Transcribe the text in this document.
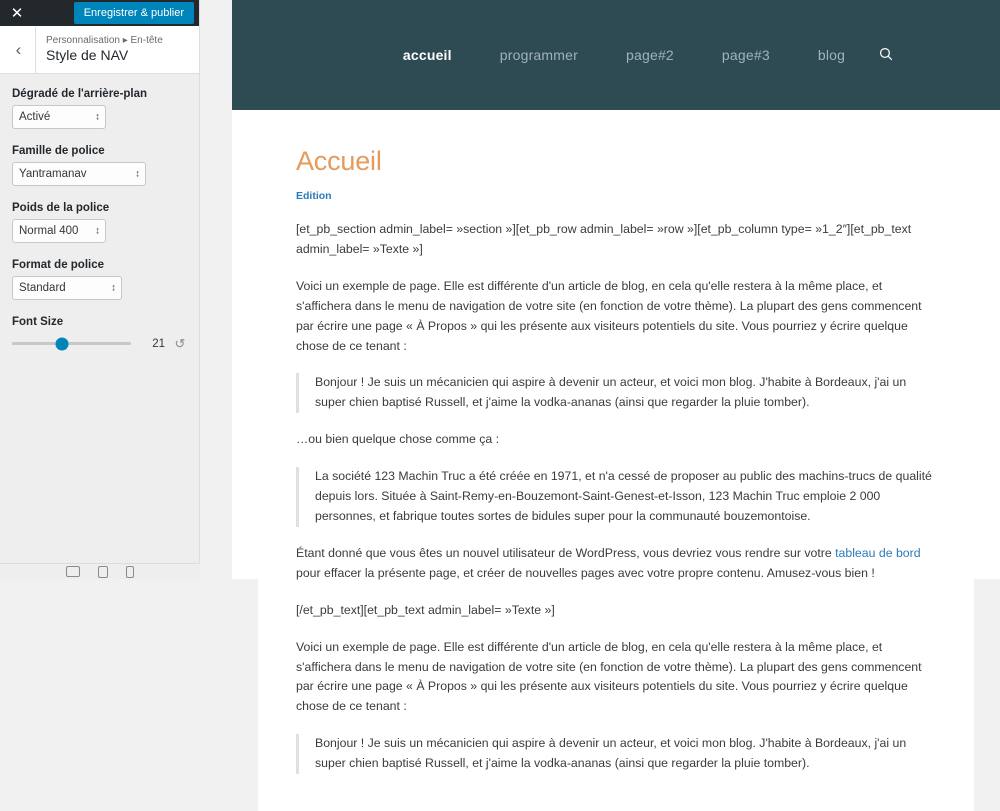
accueil	programmer	page#2	page#3	blog
Accueil
Edition

[et_pb_section admin_label= »section »][et_pb_row admin_label= »row »][et_pb_column type= »1_2″][et_pb_text admin_label= »Texte »]

Voici un exemple de page. Elle est différente d'un article de blog, en cela qu'elle restera à la même place, et s'affichera dans le menu de navigation de votre site (en fonction de votre thème). La plupart des gens commencent par écrire une page « À Propos » qui les présente aux visiteurs potentiels du site. Vous pourriez y écrire quelque chose de ce tenant :

Bonjour ! Je suis un mécanicien qui aspire à devenir un acteur, et voici mon blog. J'habite à Bordeaux, j'ai un super chien baptisé Russell, et j'aime la vodka-ananas (ainsi que regarder la pluie tomber).

…ou bien quelque chose comme ça :

La société 123 Machin Truc a été créée en 1971, et n'a cessé de proposer au public des machins-trucs de qualité depuis lors. Située à Saint-Remy-en-Bouzemont-Saint-Genest-et-Isson, 123 Machin Truc emploie 2 000 personnes, et fabrique toutes sortes de bidules super pour la communauté bouzemontoise.

Étant donné que vous êtes un nouvel utilisateur de WordPress, vous devriez vous rendre sur votre tableau de bord pour effacer la présente page, et créer de nouvelles pages avec votre propre contenu. Amusez-vous bien !

[/et_pb_text][et_pb_text admin_label= »Texte »]

Voici un exemple de page. Elle est différente d'un article de blog, en cela qu'elle restera à la même place, et s'affichera dans le menu de navigation de votre site (en fonction de votre thème). La plupart des gens commencent par écrire une page « À Propos » qui les présente aux visiteurs potentiels du site. Vous pourriez y écrire quelque chose de ce tenant :

Bonjour ! Je suis un mécanicien qui aspire à devenir un acteur, et voici mon blog. J'habite à Bordeaux, j'ai un super chien baptisé Russell, et j'aime la vodka-ananas (ainsi que regarder la pluie tomber).

✕	Enregistrer & publier
‹	Personnalisation ▸ En-tête
Style de NAV
Dégradé de l'arrière-plan
Activé ↕
Famille de police
Yantramanav ↕
Poids de la police
Normal 400 ↕
Format de police
Standard ↕
Font Size
21 ↺
